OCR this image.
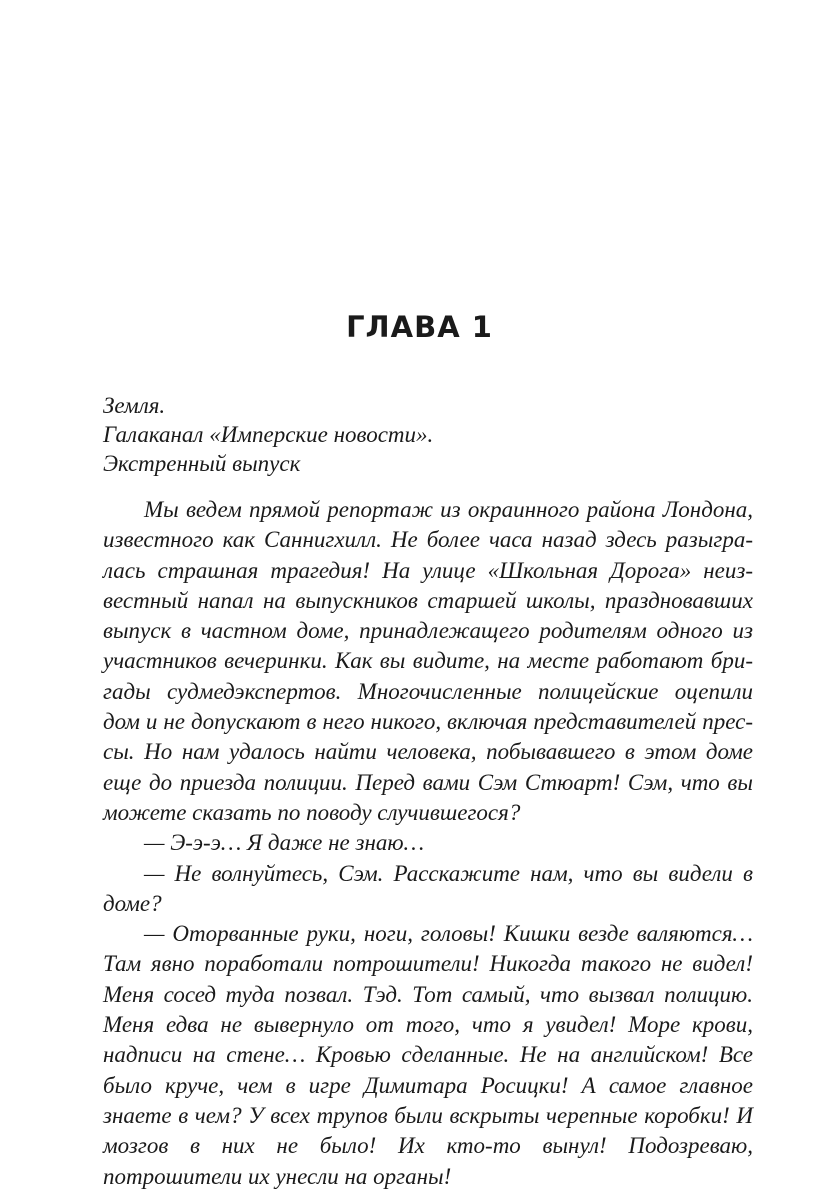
ГЛАВА 1
Земля.
Галаканал «Имперские новости».
Экстренный выпуск

Мы ведем прямой репортаж из окраинного района Лондона, известного как Саннигхилл. Не более часа назад здесь разыгралась страшная трагедия! На улице «Школьная Дорога» неизвестный напал на выпускников старшей школы, праздновавших выпуск в частном доме, принадлежащего родителям одного из участников вечеринки. Как вы видите, на месте работают бригады судмедэкспертов. Многочисленные полицейские оцепили дом и не допускают в него никого, включая представителей прессы. Но нам удалось найти человека, побывавшего в этом доме еще до приезда полиции. Перед вами Сэм Стюарт! Сэм, что вы можете сказать по поводу случившегося?

— Э-э-э… Я даже не знаю…

— Не волнуйтесь, Сэм. Расскажите нам, что вы видели в доме?

— Оторванные руки, ноги, головы! Кишки везде валяются… Там явно поработали потрошители! Никогда такого не видел! Меня сосед туда позвал. Тэд. Тот самый, что вызвал полицию. Меня едва не вывернуло от того, что я увидел! Море крови, надписи на стене… Кровью сделанные. Не на английском! Все было круче, чем в игре Димитара Росицки! А самое главное знаете в чем? У всех трупов были вскрыты черепные коробки! И мозгов в них не было! Их кто-то вынул! Подозреваю, потрошители их унесли на органы!
